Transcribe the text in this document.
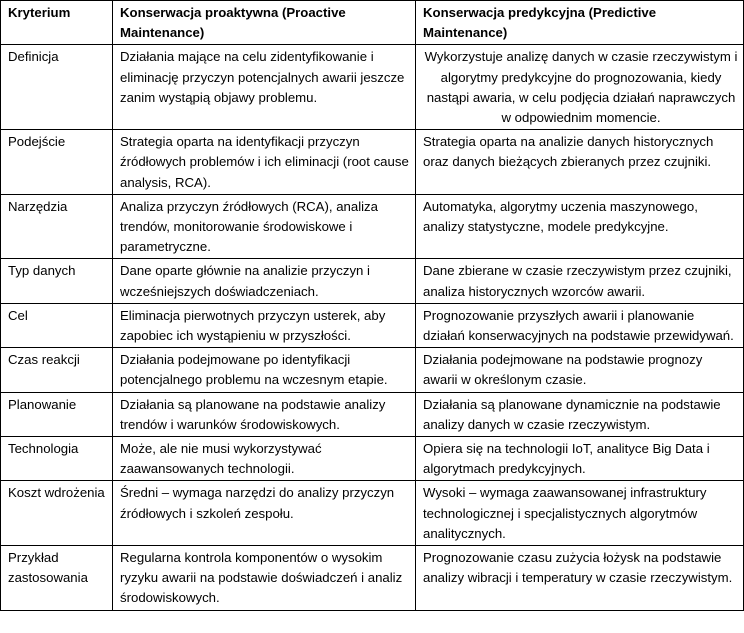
Kryterium	Konserwacja proaktywna (Proactive Maintenance)	Konserwacja predykcyjna (Predictive Maintenance)
Definicja	Działania mające na celu zidentyfikowanie i eliminację przyczyn potencjalnych awarii jeszcze zanim wystąpią objawy problemu.	Wykorzystuje analizę danych w czasie rzeczywistym i algorytmy predykcyjne do prognozowania, kiedy nastąpi awaria, w celu podjęcia działań naprawczych w odpowiednim momencie.
Podejście	Strategia oparta na identyfikacji przyczyn źródłowych problemów i ich eliminacji (root cause analysis, RCA).	Strategia oparta na analizie danych historycznych oraz danych bieżących zbieranych przez czujniki.
Narzędzia	Analiza przyczyn źródłowych (RCA), analiza trendów, monitorowanie środowiskowe i parametryczne.	Automatyka, algorytmy uczenia maszynowego, analizy statystyczne, modele predykcyjne.
Typ danych	Dane oparte głównie na analizie przyczyn i wcześniejszych doświadczeniach.	Dane zbierane w czasie rzeczywistym przez czujniki, analiza historycznych wzorców awarii.
Cel	Eliminacja pierwotnych przyczyn usterek, aby zapobiec ich wystąpieniu w przyszłości.	Prognozowanie przyszłych awarii i planowanie działań konserwacyjnych na podstawie przewidywań.
Czas reakcji	Działania podejmowane po identyfikacji potencjalnego problemu na wczesnym etapie.	Działania podejmowane na podstawie prognozy awarii w określonym czasie.
Planowanie	Działania są planowane na podstawie analizy trendów i warunków środowiskowych.	Działania są planowane dynamicznie na podstawie analizy danych w czasie rzeczywistym.
Technologia	Może, ale nie musi wykorzystywać zaawansowanych technologii.	Opiera się na technologii IoT, analityce Big Data i algorytmach predykcyjnych.
Koszt wdrożenia	Średni – wymaga narzędzi do analizy przyczyn źródłowych i szkoleń zespołu.	Wysoki – wymaga zaawansowanej infrastruktury technologicznej i specjalistycznych algorytmów analitycznych.
Przykład zastosowania	Regularna kontrola komponentów o wysokim ryzyku awarii na podstawie doświadczeń i analiz środowiskowych.	Prognozowanie czasu zużycia łożysk na podstawie analizy wibracji i temperatury w czasie rzeczywistym.
